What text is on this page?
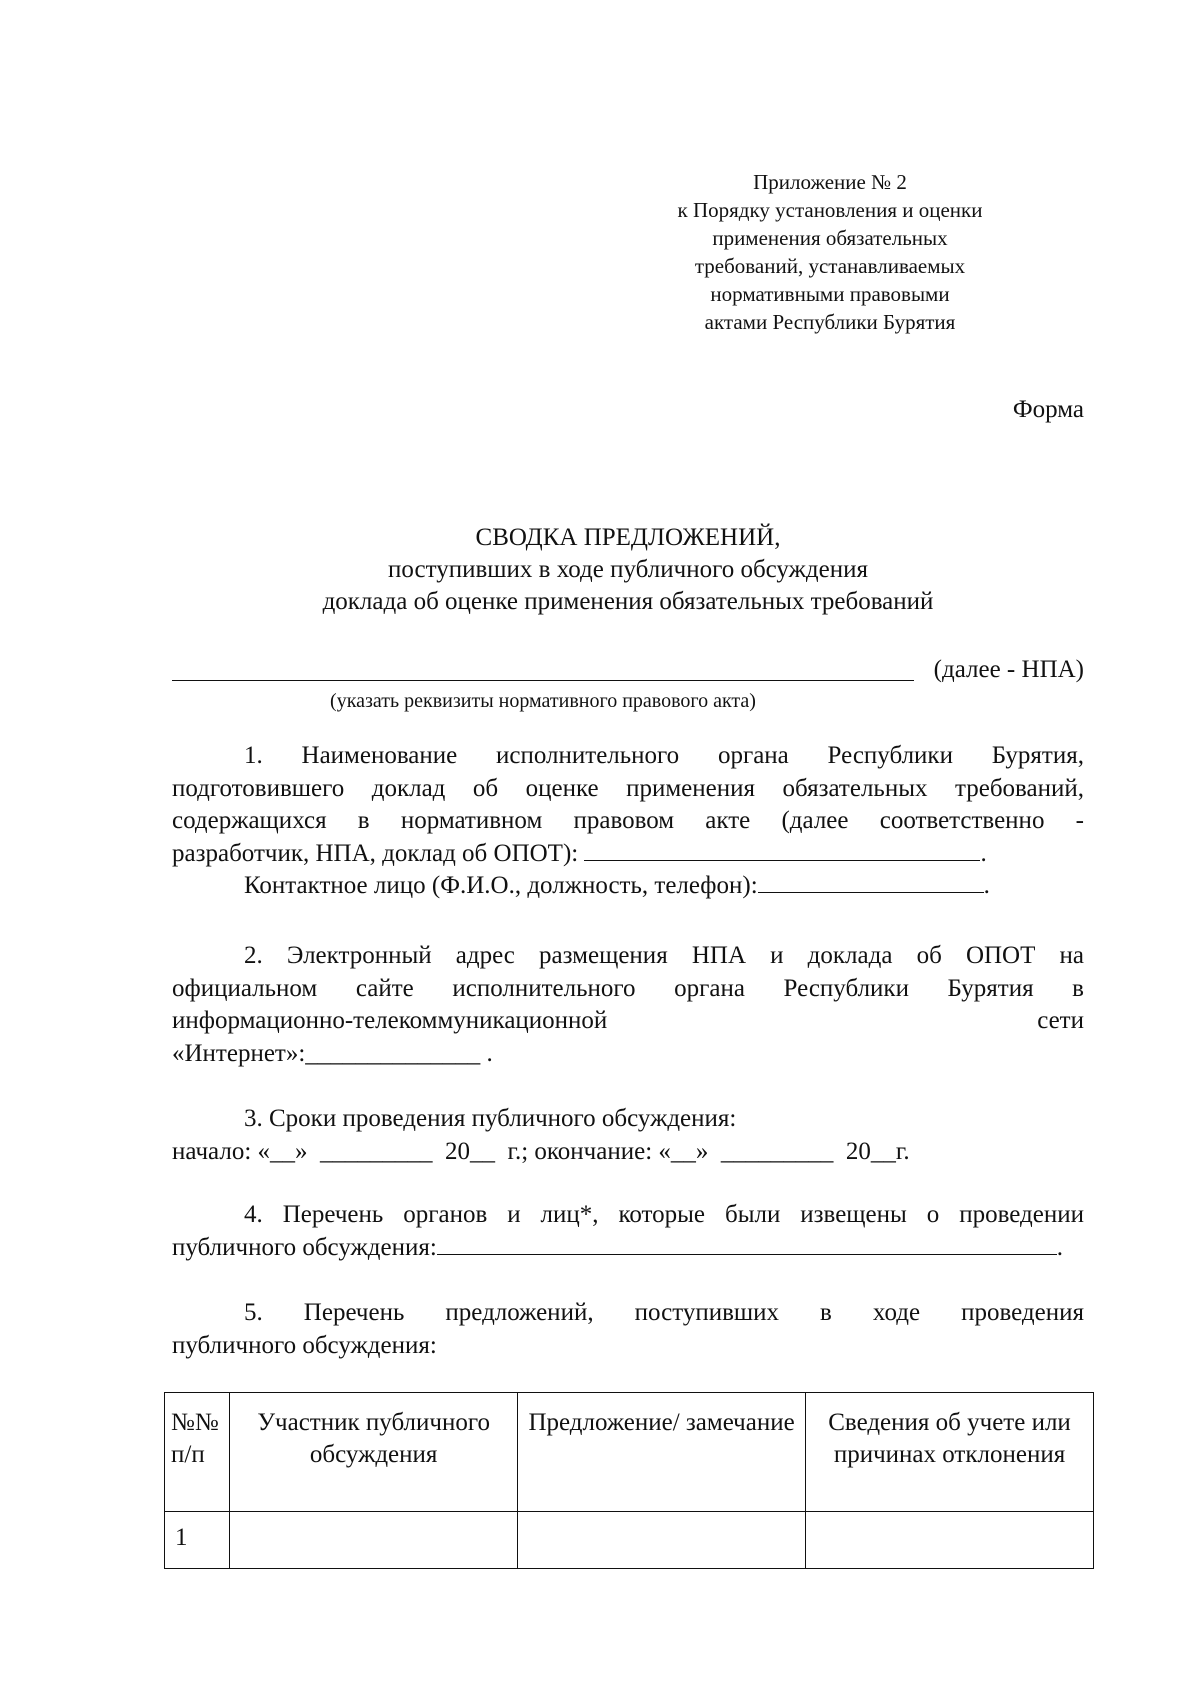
Приложение № 2
к Порядку установления и оценки
применения обязательных
требований, устанавливаемых
нормативными правовыми
актами Республики Бурятия
Форма
СВОДКА ПРЕДЛОЖЕНИЙ,
поступивших в ходе публичного обсуждения
доклада об оценке применения обязательных требований
(далее - НПА)
(указать реквизиты нормативного правового акта)
1. Наименование исполнительного органа Республики Бурятия,
подготовившего доклад об оценке применения обязательных требований,
содержащихся в нормативном правовом акте (далее соответственно -
разработчик, НПА, доклад об ОПОТ):	.
Контактное лицо (Ф.И.О., должность, телефон):	.
2. Электронный адрес размещения НПА и доклада об ОПОТ на
официальном сайте исполнительного органа Республики Бурятия в
информационно-телекоммуникационной	сети
«Интернет»:______________ .
3. Сроки проведения публичного обсуждения:
начало: «__»  _________  20__  г.; окончание: «__»  _________  20__г.
4. Перечень органов и лиц*, которые были извещены о проведении
публичного обсуждения:	.
5. Перечень предложений, поступивших в ходе проведения
публичного обсуждения:
№№ п/п	Участник публичного обсуждения	Предложение/ замечание	Сведения об учете или причинах отклонения
1			
